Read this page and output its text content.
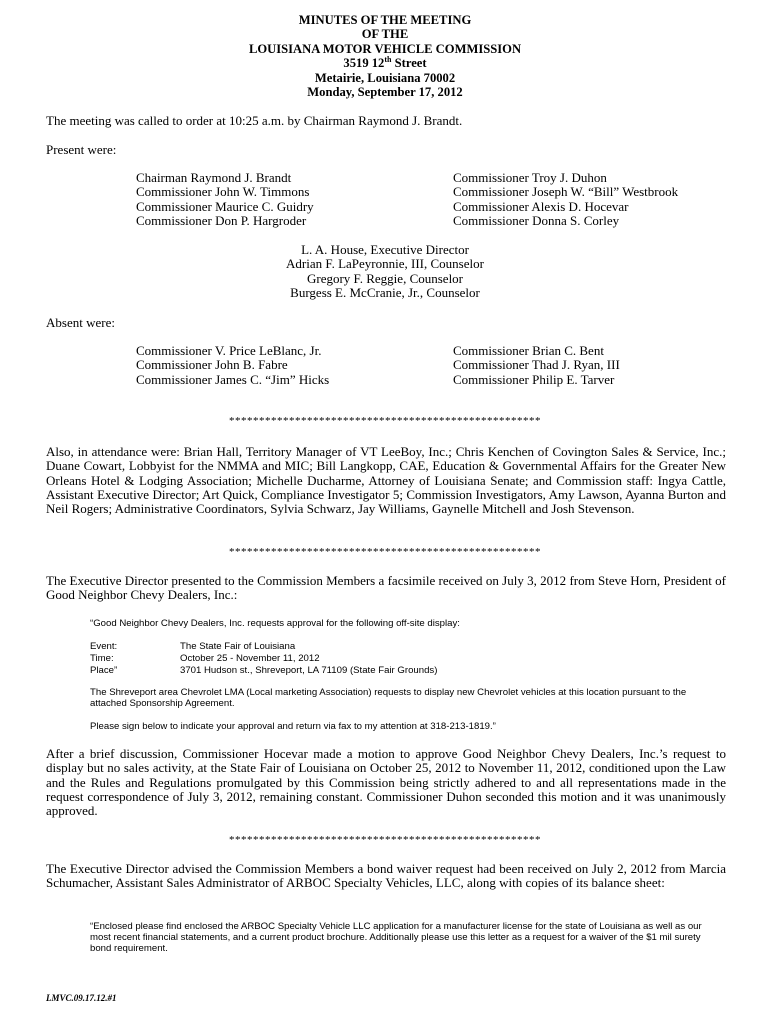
MINUTES OF THE MEETING
OF THE
LOUISIANA MOTOR VEHICLE COMMISSION
3519 12th Street
Metairie, Louisiana 70002
Monday, September 17, 2012
The meeting was called to order at 10:25 a.m. by Chairman Raymond J. Brandt.
Present were:
Chairman Raymond J. Brandt
Commissioner John W. Timmons
Commissioner Maurice C. Guidry
Commissioner Don P. Hargroder
Commissioner Troy J. Duhon
Commissioner Joseph W. “Bill” Westbrook
Commissioner Alexis D. Hocevar
Commissioner Donna S. Corley
L. A. House, Executive Director
Adrian F. LaPeyronnie, III, Counselor
Gregory F. Reggie, Counselor
Burgess E. McCranie, Jr., Counselor
Absent were:
Commissioner V. Price LeBlanc, Jr.
Commissioner John B. Fabre
Commissioner James C. “Jim” Hicks
Commissioner Brian C. Bent
Commissioner Thad J. Ryan, III
Commissioner Philip E. Tarver
****************************************************
Also, in attendance were: Brian Hall, Territory Manager of VT LeeBoy, Inc.; Chris Kenchen of Covington Sales & Service, Inc.; Duane Cowart, Lobbyist for the NMMA and MIC; Bill Langkopp, CAE, Education & Governmental Affairs for the Greater New Orleans Hotel & Lodging Association; Michelle Ducharme, Attorney of Louisiana Senate; and Commission staff: Ingya Cattle, Assistant Executive Director; Art Quick, Compliance Investigator 5; Commission Investigators, Amy Lawson, Ayanna Burton and Neil Rogers; Administrative Coordinators, Sylvia Schwarz, Jay Williams, Gaynelle Mitchell and Josh Stevenson.
****************************************************
The Executive Director presented to the Commission Members a facsimile received on July 3, 2012 from Steve Horn, President of Good Neighbor Chevy Dealers, Inc.:
“Good Neighbor Chevy Dealers, Inc. requests approval for the following off-site display:
Event:	The State Fair of Louisiana
Time:	October 25 - November 11, 2012
Place”	3701 Hudson st., Shreveport, LA 71109 (State Fair Grounds)
The Shreveport area Chevrolet LMA (Local marketing Association) requests to display new Chevrolet vehicles at this location pursuant to the attached Sponsorship Agreement.
Please sign below to indicate your approval and return via fax to my attention at 318-213-1819.”
After a brief discussion, Commissioner Hocevar made a motion to approve Good Neighbor Chevy Dealers, Inc.’s request to display but no sales activity, at the State Fair of Louisiana on October 25, 2012 to November 11, 2012, conditioned upon the Law and the Rules and Regulations promulgated by this Commission being strictly adhered to and all representations made in the request correspondence of July 3, 2012, remaining constant. Commissioner Duhon seconded this motion and it was unanimously approved.
****************************************************
The Executive Director advised the Commission Members a bond waiver request had been received on July 2, 2012 from Marcia Schumacher, Assistant Sales Administrator of ARBOC Specialty Vehicles, LLC, along with copies of its balance sheet:
“Enclosed please find enclosed the ARBOC Specialty Vehicle LLC application for a manufacturer license for the state of Louisiana as well as our most recent financial statements, and a current product brochure. Additionally please use this letter as a request for a waiver of the $1 mil surety bond requirement.
LMVC.09.17.12.#1
